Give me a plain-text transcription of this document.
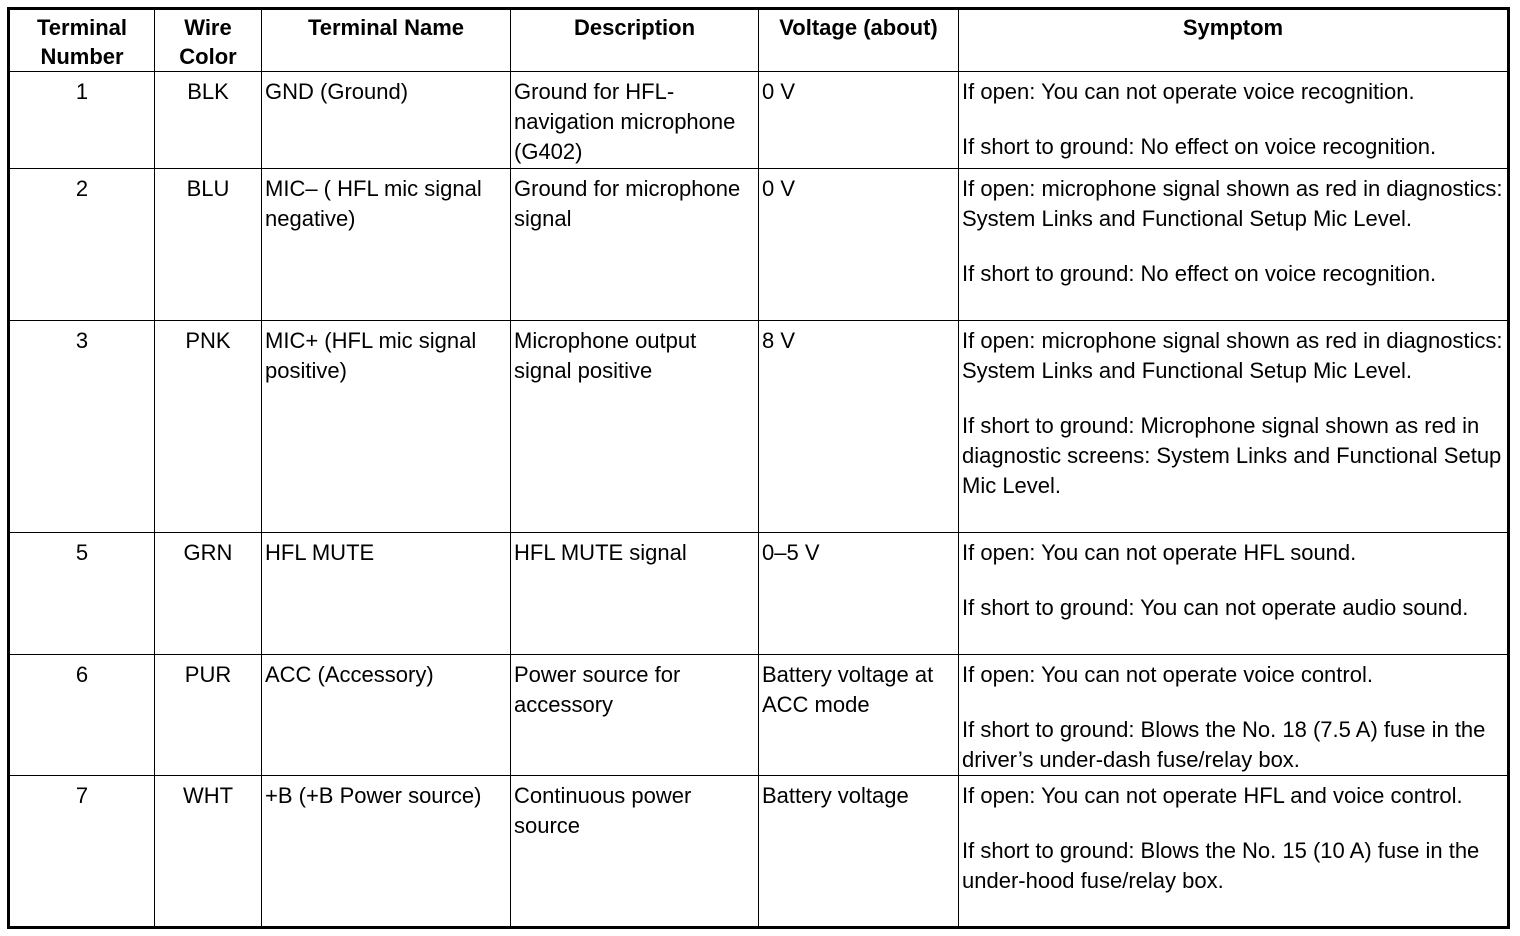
Terminal Number	Wire Color	Terminal Name	Description	Voltage (about)	Symptom
1	BLK	GND (Ground)	Ground for HFL-navigation microphone (G402)	0 V	If open: You can not operate voice recognition.
If short to ground: No effect on voice recognition.

2	BLU	MIC– ( HFL mic signal negative)	Ground for microphone signal	0 V	If open: microphone signal shown as red in diagnostics: System Links and Functional Setup Mic Level.
If short to ground: No effect on voice recognition.

3	PNK	MIC+ (HFL mic signal positive)	Microphone output signal positive	8 V	If open: microphone signal shown as red in diagnostics: System Links and Functional Setup Mic Level.
If short to ground: Microphone signal shown as red in diagnostic screens: System Links and Functional Setup Mic Level.

5	GRN	HFL MUTE	HFL MUTE signal	0–5 V	If open: You can not operate HFL sound.
If short to ground: You can not operate audio sound.

6	PUR	ACC (Accessory)	Power source for accessory	Battery voltage at ACC mode	If open: You can not operate voice control.
If short to ground: Blows the No. 18 (7.5 A) fuse in the driver’s under-dash fuse/relay box.

7	WHT	+B (+B Power source)	Continuous power source	Battery voltage	If open: You can not operate HFL and voice control.
If short to ground: Blows the No. 15 (10 A) fuse in the under-hood fuse/relay box.
